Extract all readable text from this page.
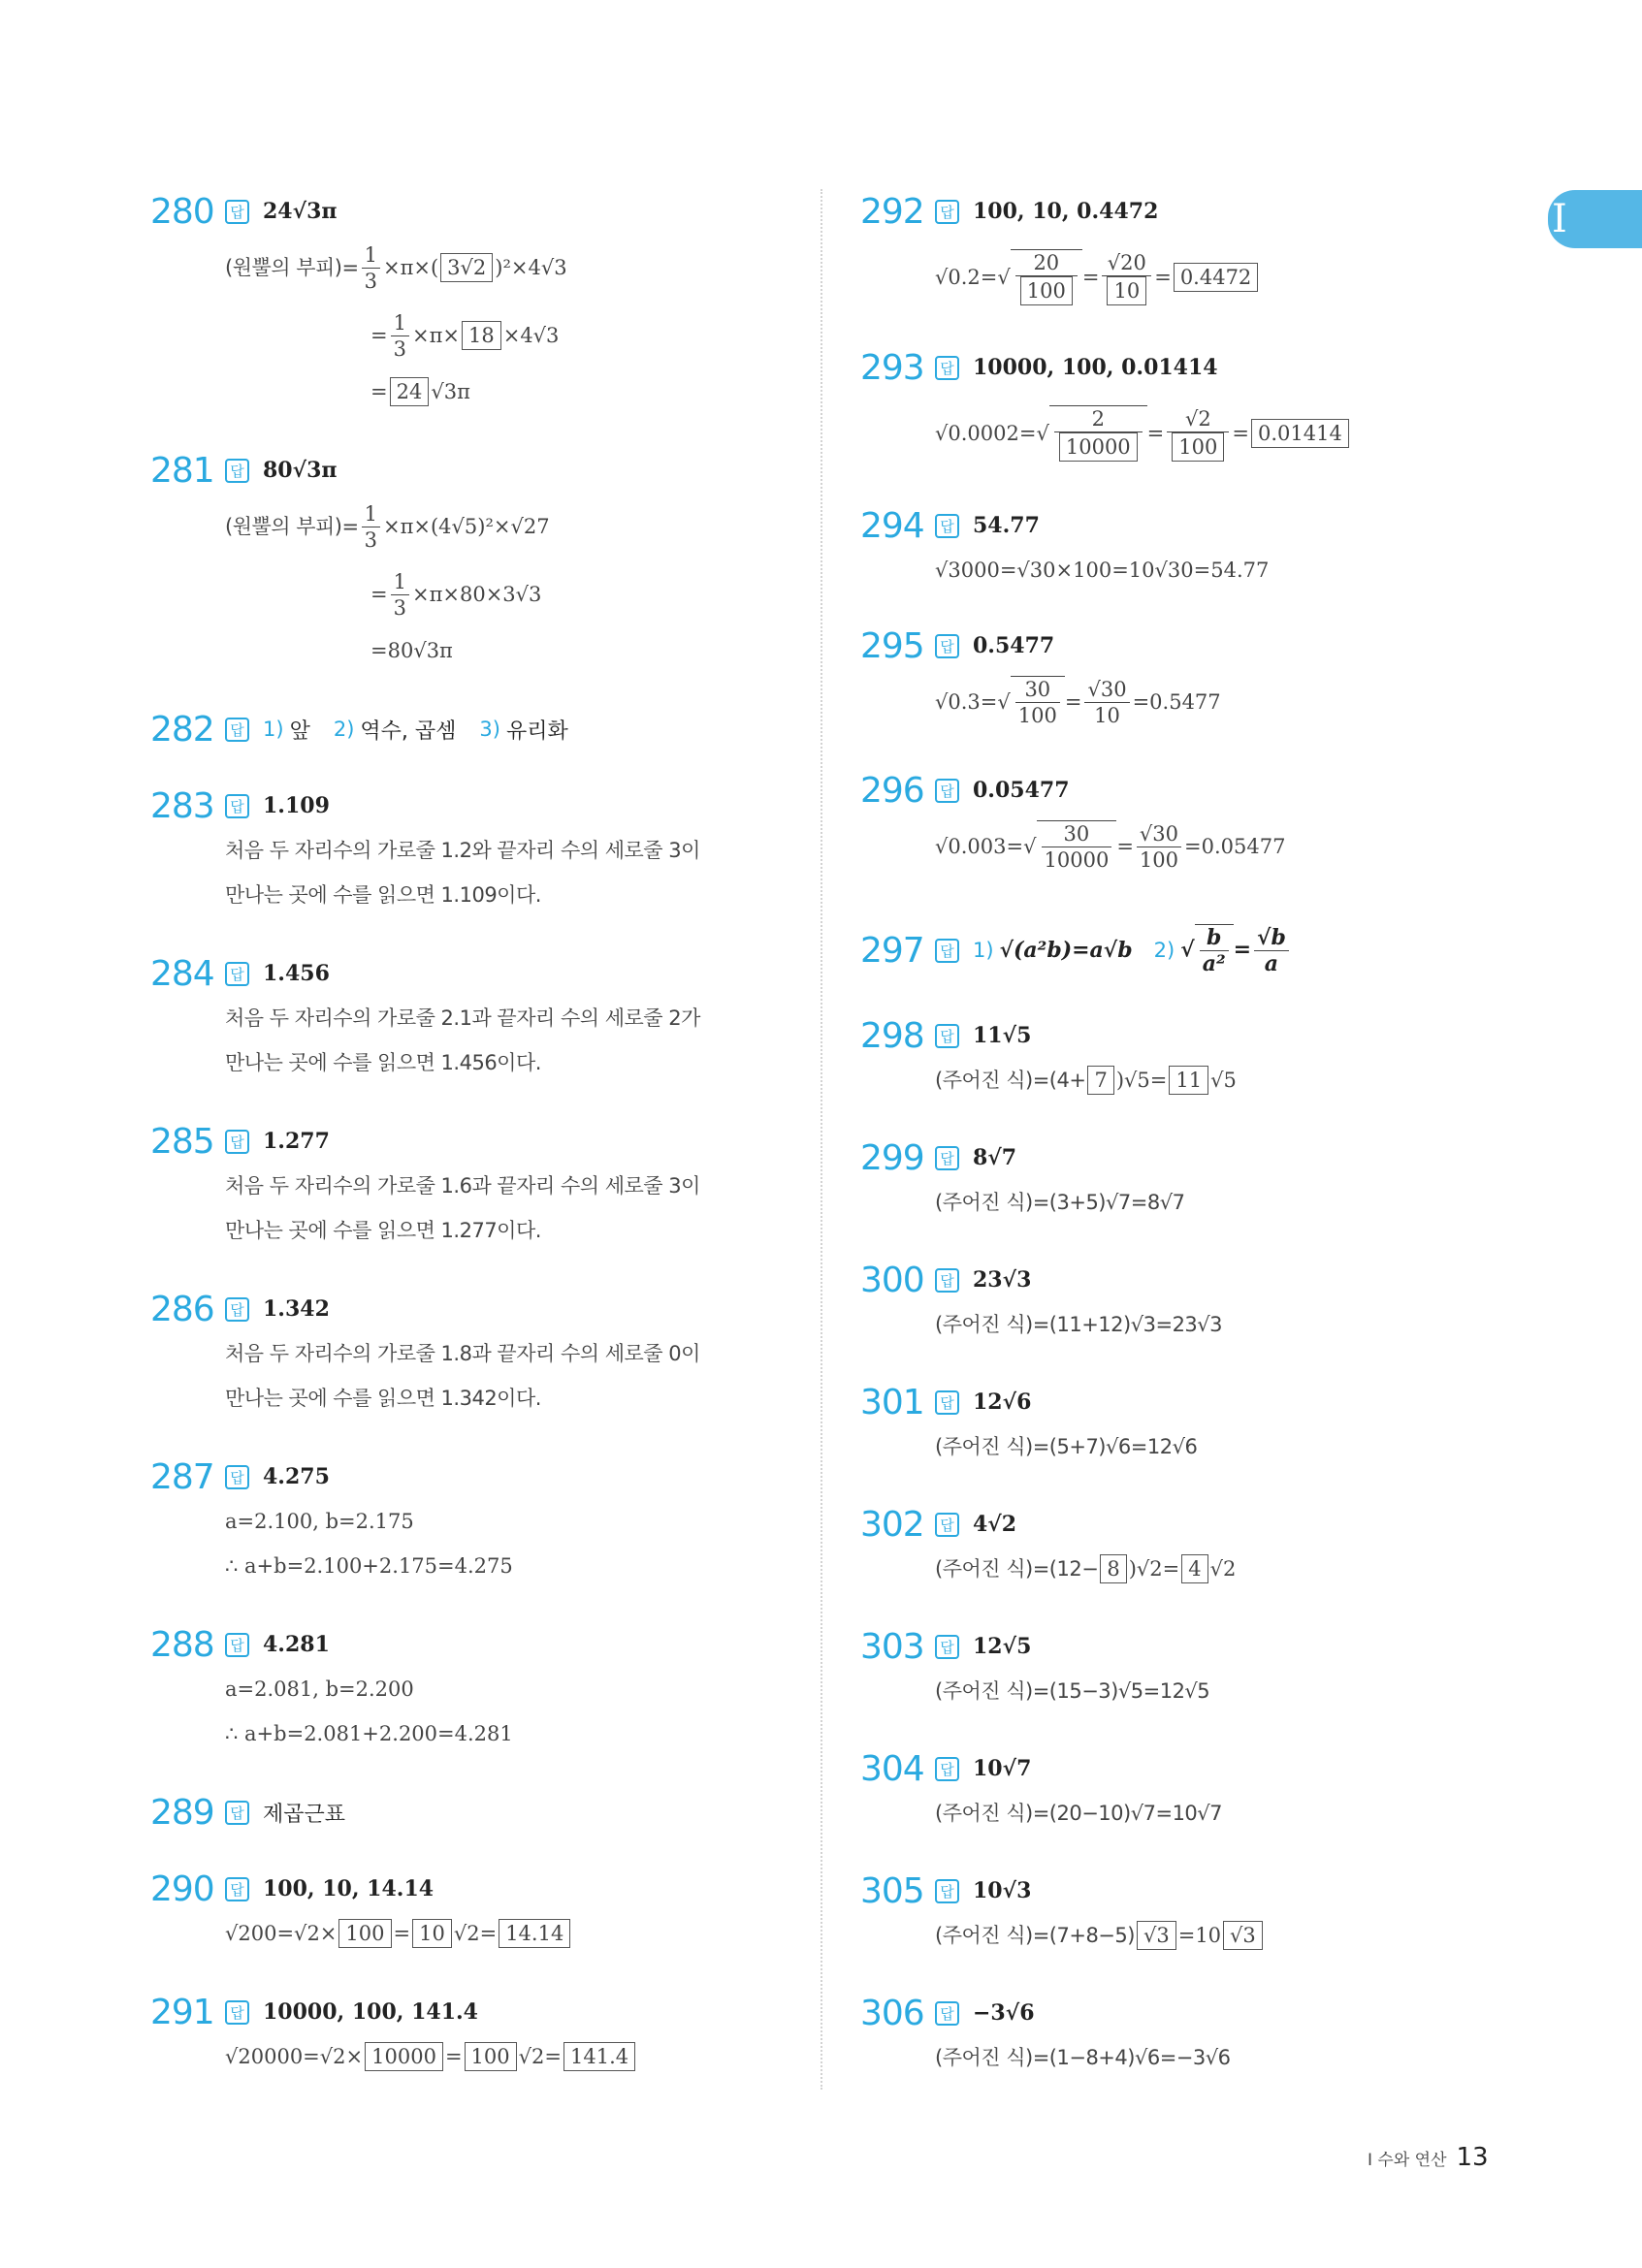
I
280	답 24√3π
(원뿔의 부피)= $\frac{1}{3} \times\pi\times$( 3√2 )²×4√3
= $\frac{1}{3} \times\pi\times 18 \times 4√3$
= 24 √3π
281	답 80√3π
(원뿔의 부피)= $\frac{1}{3} \times\pi\times(4√5)^2\times√27$
= $\frac{1}{3} \times\pi\times 80\times 3√3$
=80√3π
282	답 1) 앞 2) 역수, 곱셈 3) 유리화
283	답 1.109
처음 두 자리수의 가로줄 1.2와 끝자리 수의 세로줄 3이
만나는 곳에 수를 읽으면 1.109이다.
284	답 1.456
처음 두 자리수의 가로줄 2.1과 끝자리 수의 세로줄 2가
만나는 곳에 수를 읽으면 1.456이다.
285	답 1.277
처음 두 자리수의 가로줄 1.6과 끝자리 수의 세로줄 3이
만나는 곳에 수를 읽으면 1.277이다.
286	답 1.342
처음 두 자리수의 가로줄 1.8과 끝자리 수의 세로줄 0이
만나는 곳에 수를 읽으면 1.342이다.
287	답 4.275
a=2.100, b=2.175
∴ a+b=2.100+2.175=4.275
288	답 4.281
a=2.081, b=2.200
∴ a+b=2.081+2.200=4.281
289	답 제곱근표
290	답 100, 10, 14.14
√200=√2× 100 = 10 √2= 14.14
291	답 10000, 100, 141.4
√20000=√2× 10000 = 100 √2= 141.4
292	답 100, 10, 0.4472
√0.2= √ $\frac{20}{100} = \frac{√20}{10} = 0.4472$
293	답 10000, 100, 0.01414
√0.0002= √ $\frac{2}{10000} = \frac{√2}{100} = 0.01414$
294	답 54.77
√3000=√30×100=10√30=54.77
295	답 0.5477
√0.3= √ $\frac{30}{100} = \frac{√30}{10} =0.5477$
296	답 0.05477
√0.003= √ $\frac{30}{10000} = \frac{√30}{100} =0.05477$
297	답 1) √(a²b)=a√b 2) √ $\frac{b}{\text{a²}} = \frac{√b}{a}$
298	답 11√5
(주어진 식)=(4+ 7 )√5= 11 √5
299	답 8√7
(주어진 식)=(3+5)√7=8√7
300	답 23√3
(주어진 식)=(11+12)√3=23√3
301	답 12√6
(주어진 식)=(5+7)√6=12√6
302	답 4√2
(주어진 식)=(12− 8 )√2= 4 √2
303	답 12√5
(주어진 식)=(15−3)√5=12√5
304	답 10√7
(주어진 식)=(20−10)√7=10√7
305	답 10√3
(주어진 식)=(7+8−5) √3 =10 √3
306	답 −3√6
(주어진 식)=(1−8+4)√6=−3√6
Ⅰ 수와 연산 13
